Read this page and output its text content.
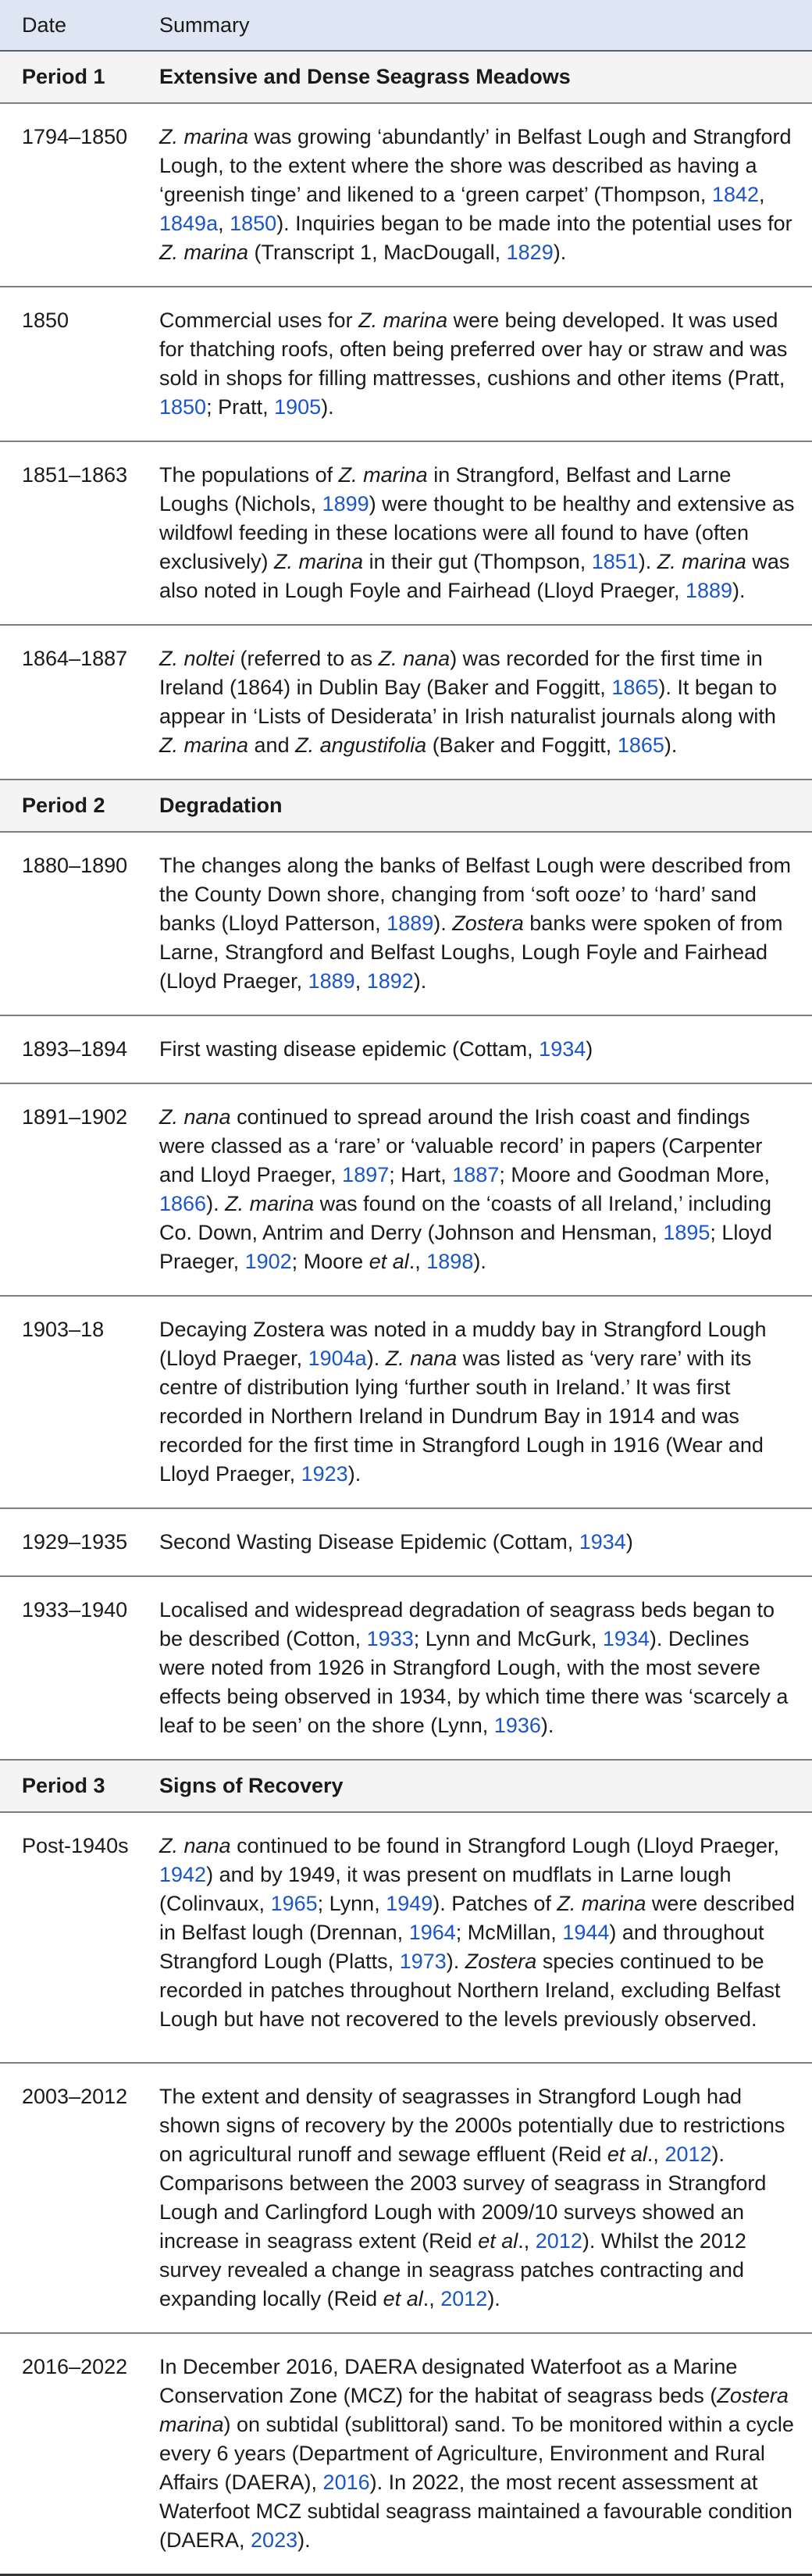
Date	Summary
Period 1	Extensive and Dense Seagrass Meadows
1794–1850	Z. marina was growing ‘abundantly’ in Belfast Lough and Strangford Lough, to the extent where the shore was described as having a ‘greenish tinge’ and likened to a ‘green carpet’ (Thompson, 1842, 1849a, 1850). Inquiries began to be made into the potential uses for Z. marina (Transcript 1, MacDougall, 1829).
1850	Commercial uses for Z. marina were being developed. It was used for thatching roofs, often being preferred over hay or straw and was sold in shops for filling mattresses, cushions and other items (Pratt, 1850; Pratt, 1905).
1851–1863	The populations of Z. marina in Strangford, Belfast and Larne Loughs (Nichols, 1899) were thought to be healthy and extensive as wildfowl feeding in these locations were all found to have (often exclusively) Z. marina in their gut (Thompson, 1851). Z. marina was also noted in Lough Foyle and Fairhead (Lloyd Praeger, 1889).
1864–1887	Z. noltei (referred to as Z. nana) was recorded for the first time in Ireland (1864) in Dublin Bay (Baker and Foggitt, 1865). It began to appear in ‘Lists of Desiderata’ in Irish naturalist journals along with Z. marina and Z. angustifolia (Baker and Foggitt, 1865).
Period 2	Degradation
1880–1890	The changes along the banks of Belfast Lough were described from the County Down shore, changing from ‘soft ooze’ to ‘hard’ sand banks (Lloyd Patterson, 1889). Zostera banks were spoken of from Larne, Strangford and Belfast Loughs, Lough Foyle and Fairhead (Lloyd Praeger, 1889, 1892).
1893–1894	First wasting disease epidemic (Cottam, 1934)
1891–1902	Z. nana continued to spread around the Irish coast and findings were classed as a ‘rare’ or ‘valuable record’ in papers (Carpenter and Lloyd Praeger, 1897; Hart, 1887; Moore and Goodman More, 1866). Z. marina was found on the ‘coasts of all Ireland,’ including Co. Down, Antrim and Derry (Johnson and Hensman, 1895; Lloyd Praeger, 1902; Moore et al., 1898).
1903–18	Decaying Zostera was noted in a muddy bay in Strangford Lough (Lloyd Praeger, 1904a). Z. nana was listed as ‘very rare’ with its centre of distribution lying ‘further south in Ireland.’ It was first recorded in Northern Ireland in Dundrum Bay in 1914 and was recorded for the first time in Strangford Lough in 1916 (Wear and Lloyd Praeger, 1923).
1929–1935	Second Wasting Disease Epidemic (Cottam, 1934)
1933–1940	Localised and widespread degradation of seagrass beds began to be described (Cotton, 1933; Lynn and McGurk, 1934). Declines were noted from 1926 in Strangford Lough, with the most severe effects being observed in 1934, by which time there was ‘scarcely a leaf to be seen’ on the shore (Lynn, 1936).
Period 3	Signs of Recovery
Post-1940s	Z. nana continued to be found in Strangford Lough (Lloyd Praeger, 1942) and by 1949, it was present on mudflats in Larne lough (Colinvaux, 1965; Lynn, 1949). Patches of Z. marina were described in Belfast lough (Drennan, 1964; McMillan, 1944) and throughout Strangford Lough (Platts, 1973). Zostera species continued to be recorded in patches throughout Northern Ireland, excluding Belfast Lough but have not recovered to the levels previously observed.
2003–2012	The extent and density of seagrasses in Strangford Lough had shown signs of recovery by the 2000s potentially due to restrictions on agricultural runoff and sewage effluent (Reid et al., 2012). Comparisons between the 2003 survey of seagrass in Strangford Lough and Carlingford Lough with 2009/10 surveys showed an increase in seagrass extent (Reid et al., 2012). Whilst the 2012 survey revealed a change in seagrass patches contracting and expanding locally (Reid et al., 2012).
2016–2022	In December 2016, DAERA designated Waterfoot as a Marine Conservation Zone (MCZ) for the habitat of seagrass beds (Zostera marina) on subtidal (sublittoral) sand. To be monitored within a cycle every 6 years (Department of Agriculture, Environment and Rural Affairs (DAERA), 2016). In 2022, the most recent assessment at Waterfoot MCZ subtidal seagrass maintained a favourable condition (DAERA, 2023).
